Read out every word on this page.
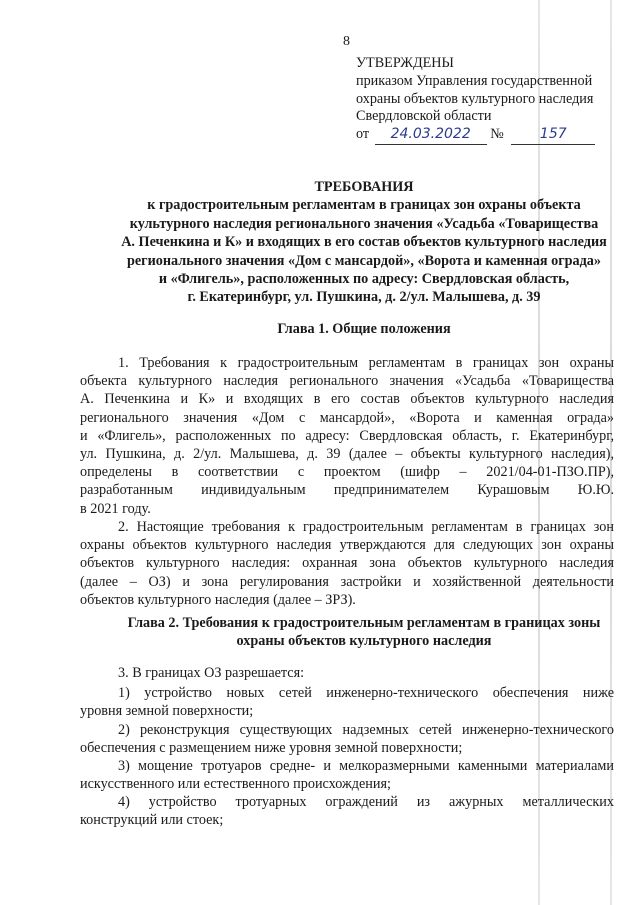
8
УТВЕРЖДЕНЫ
приказом Управления государственной
охраны объектов культурного наследия
Свердловской области
от 24.03.2022 №	157
ТРЕБОВАНИЯ
к градостроительным регламентам в границах зон охраны объекта
культурного наследия регионального значения «Усадьба «Товарищества
А. Печенкина и К» и входящих в его состав объектов культурного наследия
регионального значения «Дом с мансардой», «Ворота и каменная ограда»
и «Флигель», расположенных по адресу: Свердловская область,
г. Екатеринбург, ул. Пушкина, д. 2/ул. Малышева, д. 39
Глава 1. Общие положения
1. Требования к градостроительным регламентам в границах зон охраны
объекта культурного наследия регионального значения «Усадьба «Товарищества
А. Печенкина и К» и входящих в его состав объектов культурного наследия
регионального значения «Дом с мансардой», «Ворота и каменная ограда»
и «Флигель», расположенных по адресу: Свердловская область, г. Екатеринбург,
ул. Пушкина, д. 2/ул. Малышева, д. 39 (далее – объекты культурного наследия),
определены в соответствии с проектом (шифр – 2021/04-01-ПЗО.ПР),
разработанным индивидуальным предпринимателем Курашовым Ю.Ю.
в 2021 году.
2. Настоящие требования к градостроительным регламентам в границах зон
охраны объектов культурного наследия утверждаются для следующих зон охраны
объектов культурного наследия: охранная зона объектов культурного наследия
(далее – ОЗ) и зона регулирования застройки и хозяйственной деятельности
объектов культурного наследия (далее – ЗРЗ).
Глава 2. Требования к градостроительным регламентам в границах зоны
охраны объектов культурного наследия
3. В границах ОЗ разрешается:
1) устройство новых сетей инженерно-технического обеспечения ниже
уровня земной поверхности;
2) реконструкция существующих надземных сетей инженерно-технического
обеспечения с размещением ниже уровня земной поверхности;
3) мощение тротуаров средне- и мелкоразмерными каменными материалами
искусственного или естественного происхождения;
4) устройство тротуарных ограждений из ажурных металлических
конструкций или стоек;
